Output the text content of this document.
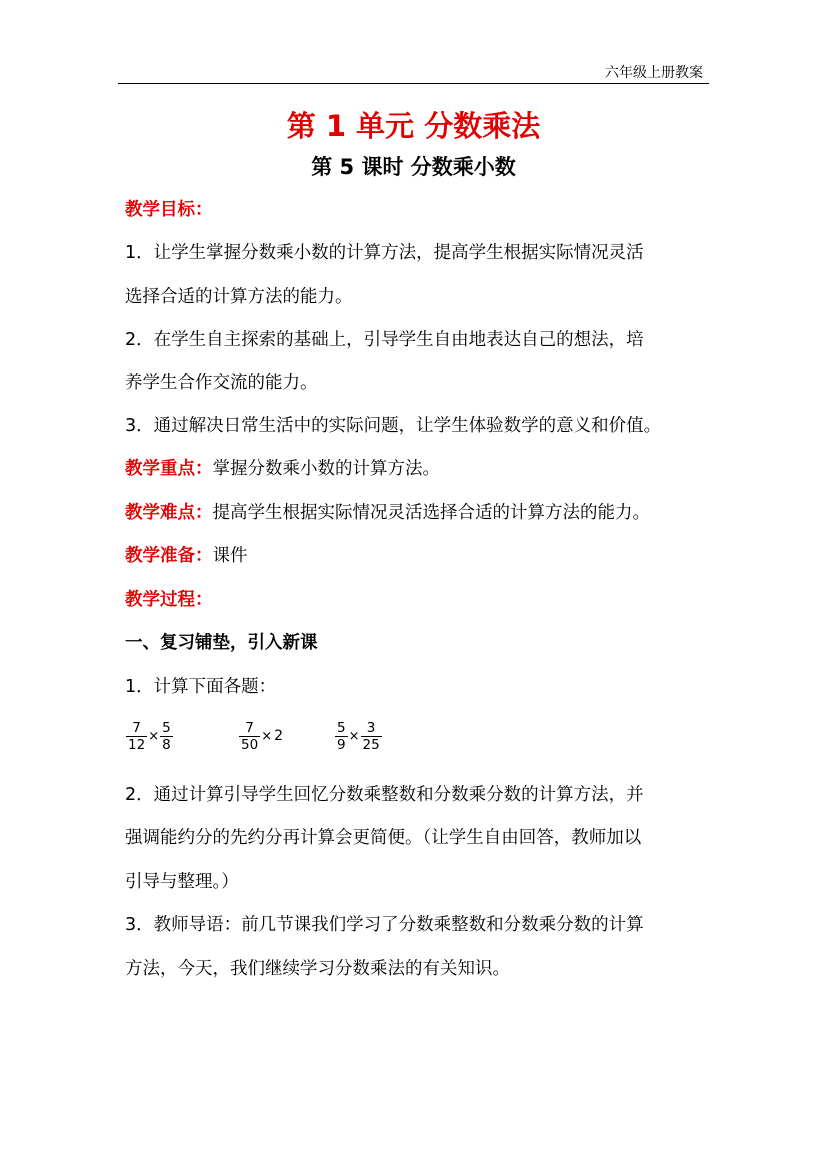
六年级上册教案
第 1 单元 分数乘法
第 5 课时 分数乘小数
教学目标：
1．让学生掌握分数乘小数的计算方法，提高学生根据实际情况灵活
选择合适的计算方法的能力。
2．在学生自主探索的基础上，引导学生自由地表达自己的想法，培
养学生合作交流的能力。
3．通过解决日常生活中的实际问题，让学生体验数学的意义和价值。
教学重点：掌握分数乘小数的计算方法。
教学难点：提高学生根据实际情况灵活选择合适的计算方法的能力。
教学准备：课件
教学过程：
一、复习铺垫，引入新课
1．计算下面各题：
$\frac{7}{12} \times \frac{5}{8}$	$\frac{7}{50} \times 2$	$\frac{5}{9} \times \frac{3}{25}$
2．通过计算引导学生回忆分数乘整数和分数乘分数的计算方法，并
强调能约分的先约分再计算会更简便。（让学生自由回答，教师加以
引导与整理。）
3．教师导语：前几节课我们学习了分数乘整数和分数乘分数的计算
方法，今天，我们继续学习分数乘法的有关知识。
